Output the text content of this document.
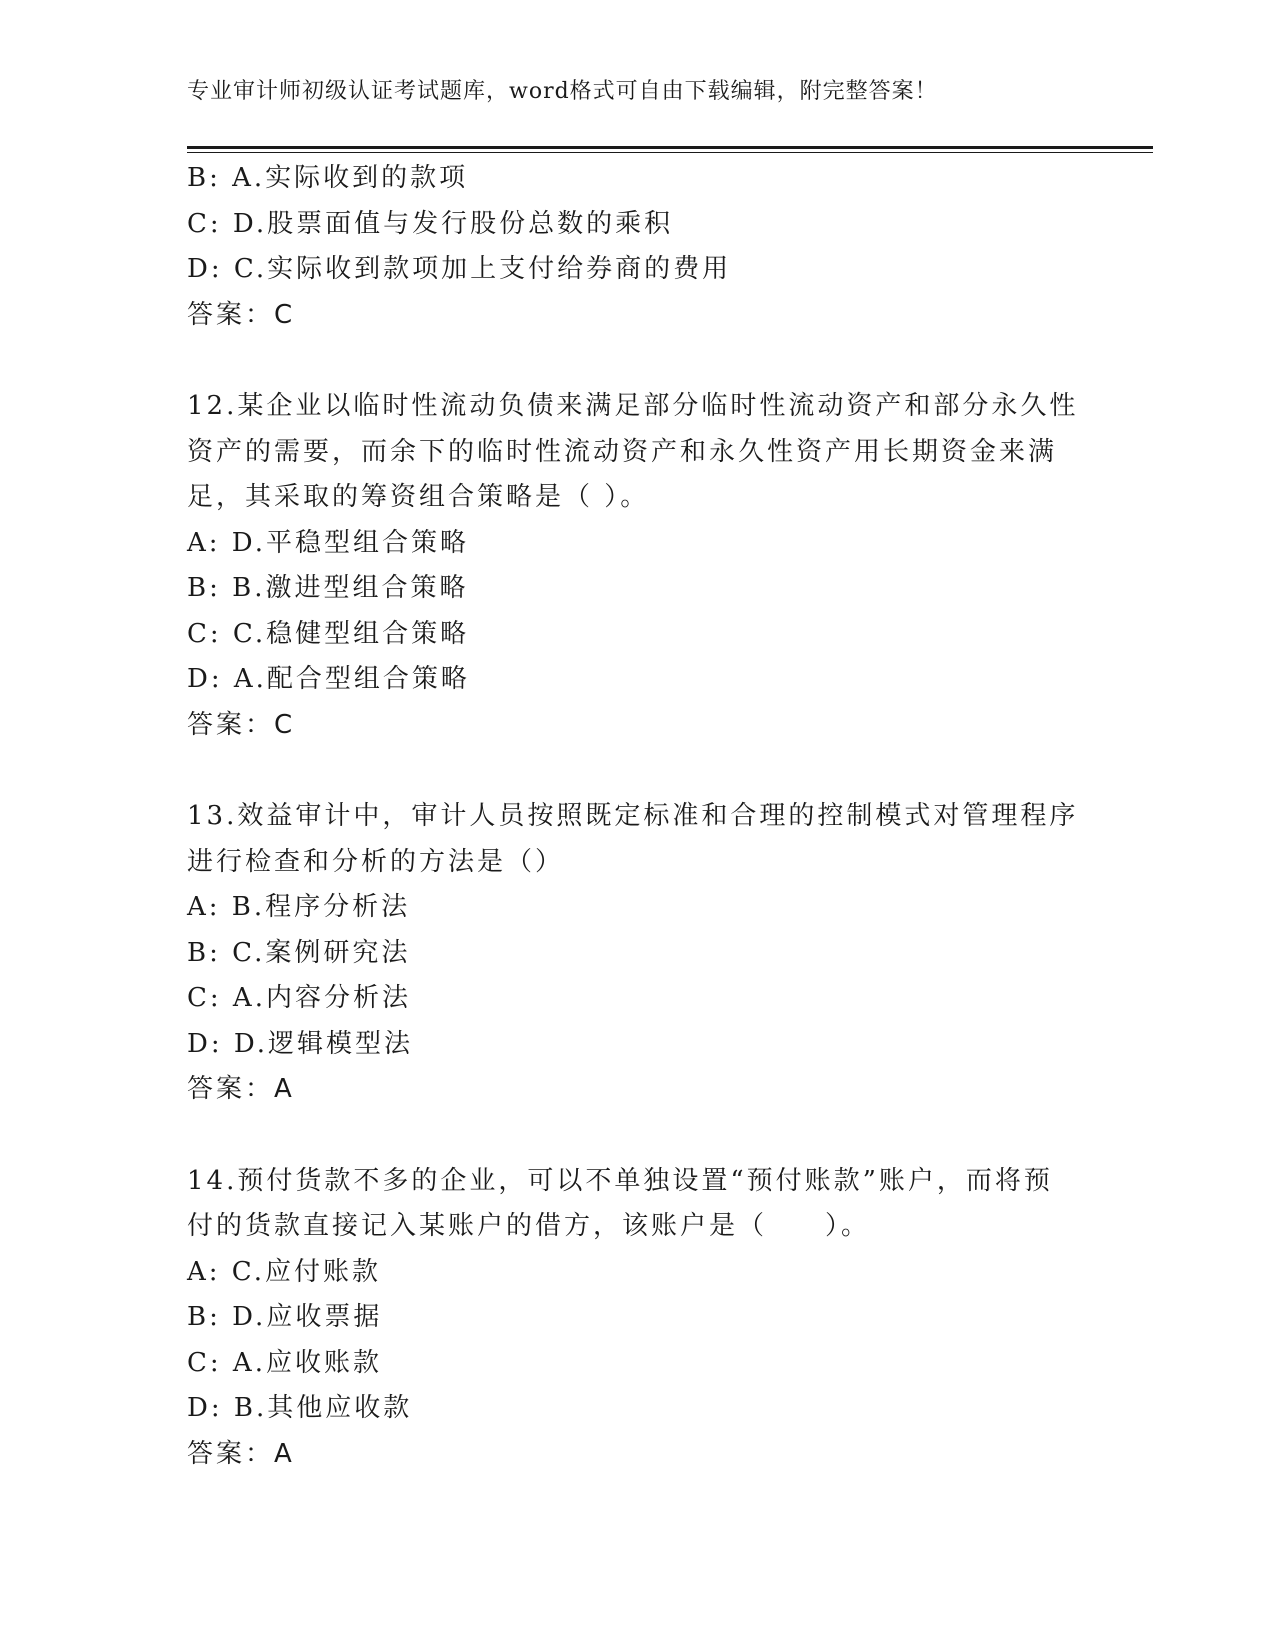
专业审计师初级认证考试题库，word格式可自由下载编辑，附完整答案！
B: A.实际收到的款项
C: D.股票面值与发行股份总数的乘积
D: C.实际收到款项加上支付给券商的费用
答案：C
12.某企业以临时性流动负债来满足部分临时性流动资产和部分永久性
资产的需要，而余下的临时性流动资产和永久性资产用长期资金来满
足，其采取的筹资组合策略是（ ）。
A: D.平稳型组合策略
B: B.激进型组合策略
C: C.稳健型组合策略
D: A.配合型组合策略
答案：C
13.效益审计中，审计人员按照既定标准和合理的控制模式对管理程序
进行检查和分析的方法是（）
A: B.程序分析法
B: C.案例研究法
C: A.内容分析法
D: D.逻辑模型法
答案：A
14.预付货款不多的企业，可以不单独设置“预付账款”账户，而将预
付的货款直接记入某账户的借方，该账户是（　　）。
A: C.应付账款
B: D.应收票据
C: A.应收账款
D: B.其他应收款
答案：A
